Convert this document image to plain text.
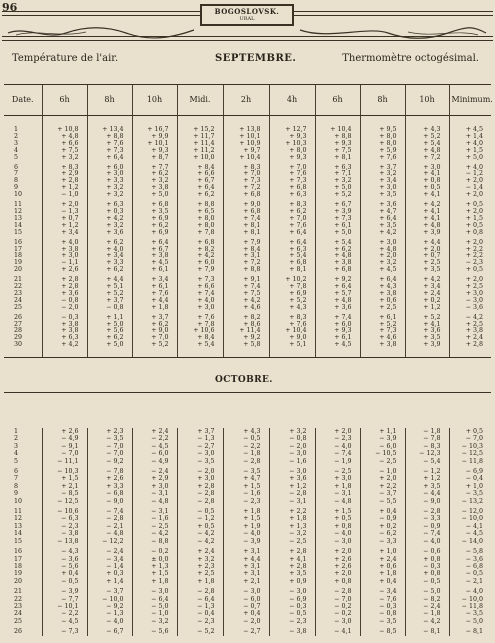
96	BOGOSLOVSK.
URAL
Température de l'air.	SEPTEMBRE.	Thermomètre octogésimal.
Date.	6h	8h	10h	Midi.	2h	4h	6h	8h	10h	Minimum.
1	+ 10,8	+ 13,4	+ 16,7	+ 15,2	+ 13,8	+ 12,7	+ 10,4	+ 9,5	+ 4,3	+ 4,5
2	+ 4,8	+ 8,8	+ 9,9	+ 11,7	+ 10,1	+ 9,3	+ 8,8	+ 8,0	+ 5,2	+ 1,4
3	+ 6,6	+ 7,6	+ 10,1	+ 11,4	+ 10,9	+ 10,3	+ 9,3	+ 8,0	+ 5,4	+ 4,0
4	+ 7,5	+ 7,3	+ 9,3	+ 11,2	+ 9,7	+ 8,0	+ 7,5	+ 5,9	+ 4,8	+ 1,5
5	+ 3,2	+ 6,4	+ 8,7	+ 10,0	+ 10,4	+ 9,3	+ 8,1	+ 7,6	+ 7,2	+ 5,0
6	+ 8,3	+ 6,0	+ 7,7	+ 8,4	+ 8,3	+ 7,0	+ 6,3	+ 3,7	+ 3,0	+ 4,0
7	+ 2,9	+ 3,0	+ 6,2	+ 6,6	+ 7,0	+ 7,6	+ 7,1	+ 3,2	+ 4,1	− 1,2
8	+ 2,8	+ 3,3	+ 3,2	+ 6,7	+ 7,3	+ 7,3	+ 3,2	+ 3,4	+ 0,8	+ 2,0
9	+ 1,2	+ 3,2	+ 3,8	+ 6,4	+ 7,2	+ 6,8	+ 5,0	+ 3,0	+ 0,5	− 1,4
10	− 1,0	+ 3,2	+ 5,0	+ 6,2	+ 6,8	+ 6,3	+ 5,2	+ 3,5	+ 4,1	+ 2,0
11	+ 2,0	+ 6,3	+ 6,8	+ 8,8	+ 9,0	+ 8,3	+ 6,7	+ 3,6	+ 4,2	+ 0,5
12	− 1,3	+ 0,3	+ 3,5	+ 6,5	+ 6,8	+ 6,2	+ 3,9	+ 4,7	+ 4,1	+ 2,0
13	+ 0,7	+ 4,2	+ 6,9	+ 8,0	+ 7,4	+ 7,0	+ 7,3	+ 6,4	+ 4,1	+ 1,5
14	+ 1,2	+ 3,2	+ 6,2	+ 8,0	+ 8,1	+ 7,6	+ 6,1	+ 3,5	+ 4,8	+ 0,5
15	+ 3,4	+ 3,6	+ 6,9	+ 7,8	+ 8,1	+ 6,4	+ 5,0	+ 4,2	+ 3,9	+ 0,8
16	+ 4,0	+ 6,2	+ 6,4	+ 6,8	+ 7,9	+ 6,4	+ 5,4	+ 3,0	+ 4,4	+ 2,0
17	+ 3,8	+ 4,0	+ 6,7	+ 8,2	+ 8,4	+ 6,3	+ 6,2	+ 4,8	+ 2,0	+ 2,2
18	+ 3,0	+ 3,4	+ 3,8	+ 4,2	+ 3,1	+ 5,4	+ 4,8	+ 2,0	+ 0,7	+ 2,2
19	− 1,1	+ 3,3	+ 4,5	+ 6,0	+ 7,2	+ 6,8	+ 3,8	+ 3,2	+ 2,5	− 2,3
20	+ 2,6	+ 6,2	+ 6,1	+ 7,9	+ 8,8	+ 8,1	+ 6,8	+ 4,5	+ 3,5	+ 0,5
21	+ 2,8	+ 4,4	+ 3,4	+ 7,3	+ 9,1	+ 10,2	+ 9,2	+ 6,4	+ 4,2	+ 2,0
22	+ 2,8	+ 5,1	+ 6,1	+ 6,6	+ 7,4	+ 7,8	+ 6,4	+ 4,3	+ 3,4	+ 2,5
23	+ 3,6	+ 5,2	+ 7,6	+ 7,4	+ 7,5	+ 6,9	+ 5,7	+ 3,8	+ 2,4	+ 3,0
24	− 0,8	+ 3,7	+ 4,4	+ 4,0	+ 4,2	+ 5,2	+ 4,8	+ 0,6	+ 0,2	− 3,0
25	− 2,0	− 0,8	+ 1,8	+ 3,0	+ 4,6	+ 4,3	+ 3,6	+ 2,5	+ 1,2	− 3,6
26	− 0,3	+ 1,1	+ 3,7	+ 7,6	+ 8,2	+ 8,3	+ 7,4	+ 6,1	+ 5,2	− 4,2
27	+ 3,8	+ 5,0	+ 6,2	+ 7,8	+ 8,6	+ 7,6	+ 6,0	+ 5,2	+ 4,1	+ 2,5
28	+ 3,8	+ 5,6	+ 9,0	+ 10,6	+ 11,4	+ 10,4	+ 9,3	+ 7,3	+ 3,6	+ 3,8
29	+ 6,3	+ 6,2	+ 7,0	+ 8,4	+ 9,2	+ 9,0	+ 6,1	+ 4,6	+ 3,5	+ 2,4
30	+ 4,2	+ 5,0	+ 5,2	+ 5,4	+ 5,8	+ 5,1	+ 4,5	+ 3,8	+ 3,9	+ 2,8
OCTOBRE.
1	+ 2,6	+ 2,3	+ 2,4	+ 3,7	+ 4,3	+ 3,2	+ 2,0	+ 1,1	− 1,8	+ 0,5
2	− 4,9	− 3,5	− 2,2	− 1,3	− 0,5	− 0,8	− 2,3	− 3,9	− 7,8	− 7,0
3	− 9,1	− 7,0	− 4,5	− 2,7	− 2,2	− 2,0	− 4,0	− 6,0	− 8,3	− 10,3
4	− 7,0	− 7,0	− 6,0	− 3,0	− 1,8	− 3,0	− 7,4	− 10,5	− 12,3	− 12,5
5	− 11,1	− 9,2	− 4,9	− 3,5	− 2,8	− 1,6	− 1,9	− 2,5	− 5,4	− 11,8
6	− 10,3	− 7,8	− 2,4	− 2,0	− 3,5	− 3,0	− 2,5	− 1,0	− 1,2	− 6,9
7	+ 1,5	+ 2,6	+ 2,9	+ 3,0	+ 4,7	+ 3,6	+ 3,0	+ 2,0	+ 1,2	− 0,4
8	+ 2,1	+ 3,3	+ 3,0	+ 2,8	+ 1,5	+ 1,2	+ 1,8	+ 2,2	+ 3,5	+ 1,0
9	− 8,5	− 6,8	− 3,1	− 2,8	− 1,6	− 2,8	− 3,1	− 3,7	− 4,4	− 3,5
10	− 12,5	− 9,0	− 4,8	− 2,8	− 2,3	− 3,1	− 4,8	− 5,5	− 9,0	− 13,2
11	− 10,6	− 7,4	− 3,1	− 0,5	+ 1,8	+ 2,2	+ 1,5	+ 0,4	− 2,8	− 12,0
12	− 6,3	− 2,8	− 1,6	− 1,2	+ 1,5	+ 1,8	+ 0,5	− 0,9	− 3,3	− 10,0
13	− 2,3	− 2,1	− 2,5	+ 0,5	+ 1,9	+ 1,3	+ 0,8	+ 0,2	− 0,9	− 4,1
14	− 3,8	− 4,8	− 4,2	− 4,2	− 4,0	− 3,2	− 4,0	− 6,2	− 7,4	− 4,5
15	− 13,8	− 12,2	− 8,8	− 4,2	− 3,9	− 2,5	− 3,0	− 3,3	− 4,0	− 14,0
16	− 4,3	− 2,4	− 0,2	+ 2,4	+ 3,1	+ 2,8	+ 2,0	+ 1,0	− 0,6	− 5,8
17	− 3,6	− 3,4	± 0,0	+ 3,2	+ 4,4	+ 4,1	+ 2,6	+ 2,4	+ 0,8	− 3,6
18	− 5,6	− 1,4	+ 1,3	+ 2,3	+ 3,1	+ 2,8	+ 2,6	+ 0,6	− 0,3	− 6,8
19	+ 0,4	+ 0,3	+ 1,5	+ 2,5	+ 3,1	+ 3,5	+ 2,0	+ 1,8	+ 0,8	− 0,5
20	− 0,5	+ 1,4	+ 1,8	+ 1,8	+ 2,1	+ 0,9	+ 0,8	+ 0,4	− 0,5	− 2,1
21	− 3,9	− 3,7	− 3,0	− 2,8	− 3,0	− 3,0	− 2,8	− 3,4	− 5,0	− 4,0
22	− 7,7	− 10,0	− 6,4	− 6,4	− 6,0	− 6,9	− 7,0	− 7,6	− 8,2	− 10,0
23	− 10,1	− 9,2	− 5,0	− 1,3	− 0,7	− 0,3	− 0,2	− 0,3	− 2,4	− 11,8
24	− 2,2	− 1,3	− 1,0	− 0,4	+ 0,4	− 0,5	− 0,2	− 0,8	− 1,8	− 3,5
25	− 4,5	− 4,0	− 3,2	− 2,3	− 2,0	− 2,3	− 3,0	− 3,5	− 4,2	− 5,0
26	− 7,3	− 6,7	− 5,6	− 5,2	− 2,7	− 3,8	− 4,1	− 8,5	− 8,1	− 8,1
